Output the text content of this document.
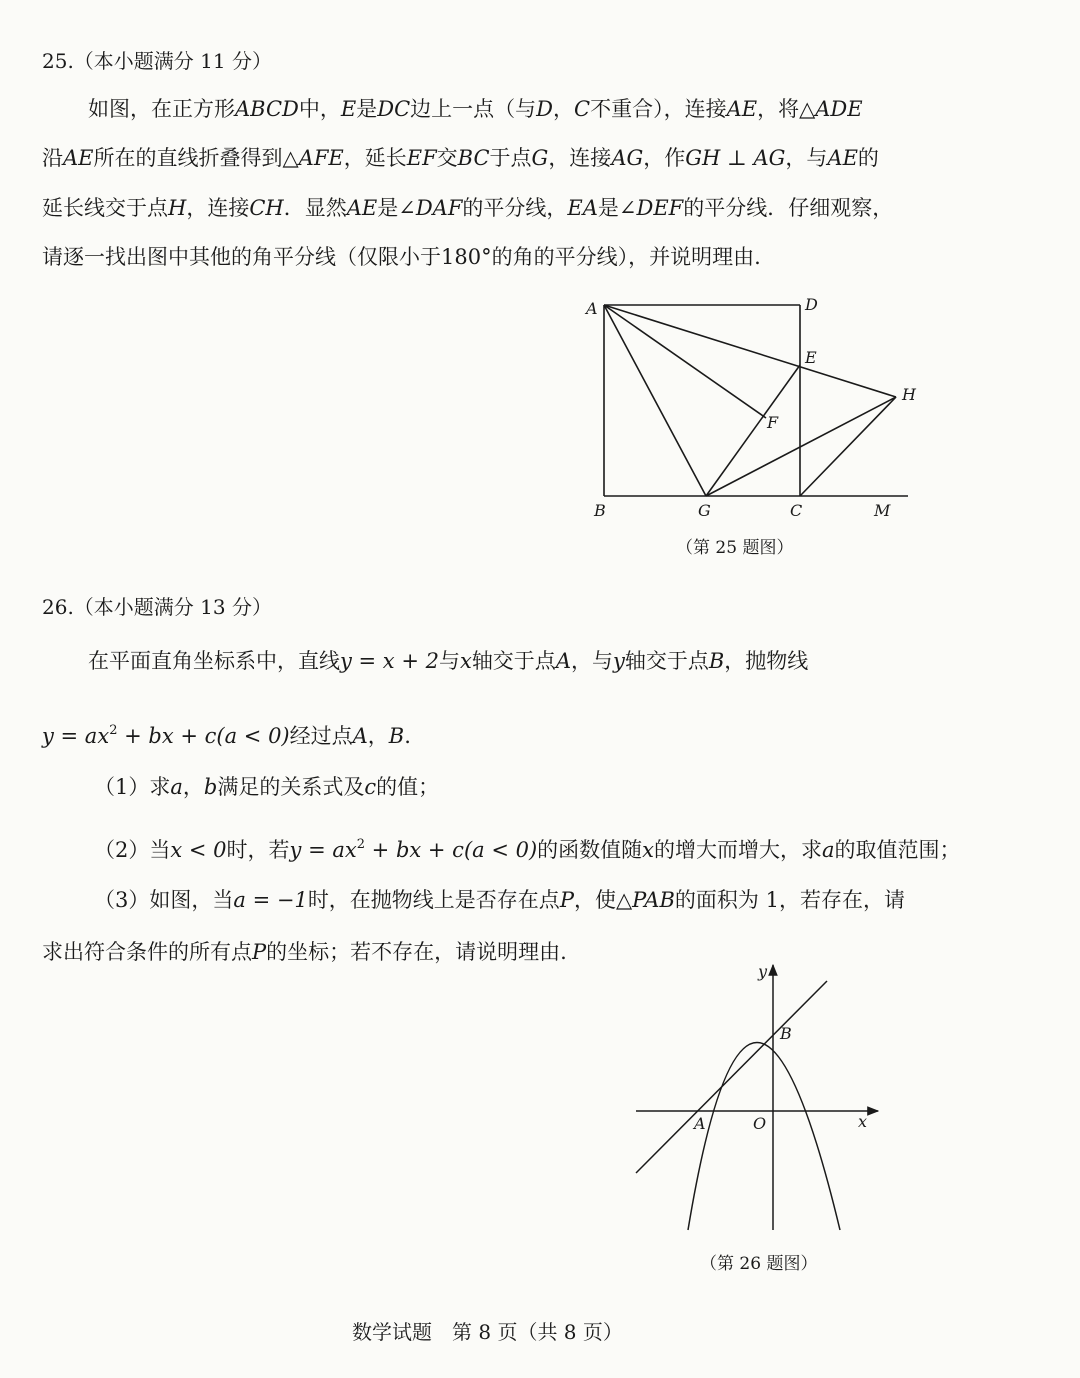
25.（本小题满分 11 分）
如图，在正方形ABCD中，E是DC边上一点（与D，C不重合），连接AE，将△ADE
沿AE所在的直线折叠得到△AFE，延长EF交BC于点G，连接AG，作GH ⊥ AG，与AE的
延长线交于点H，连接CH．显然AE是∠DAF的平分线，EA是∠DEF的平分线．仔细观察，
请逐一找出图中其他的角平分线（仅限小于180°的角的平分线），并说明理由.
A	D
E
H
F
B	G	C	M
（第 25 题图）
26.（本小题满分 13 分）
在平面直角坐标系中，直线y = x + 2与x轴交于点A，与y轴交于点B，抛物线
$y = ax^2$ + bx + c(a < 0)经过点A，B.
（1）求a，b满足的关系式及c的值；
（2）当x < 0时，若$y = ax^2$ + bx + c(a < 0)的函数值随x的增大而增大，求a的取值范围；
（3）如图，当a = −1时，在抛物线上是否存在点P，使△PAB的面积为 1，若存在，请
求出符合条件的所有点P的坐标；若不存在，请说明理由.
y
B
A	O	x
（第 26 题图）
数学试题　第 8 页（共 8 页）
